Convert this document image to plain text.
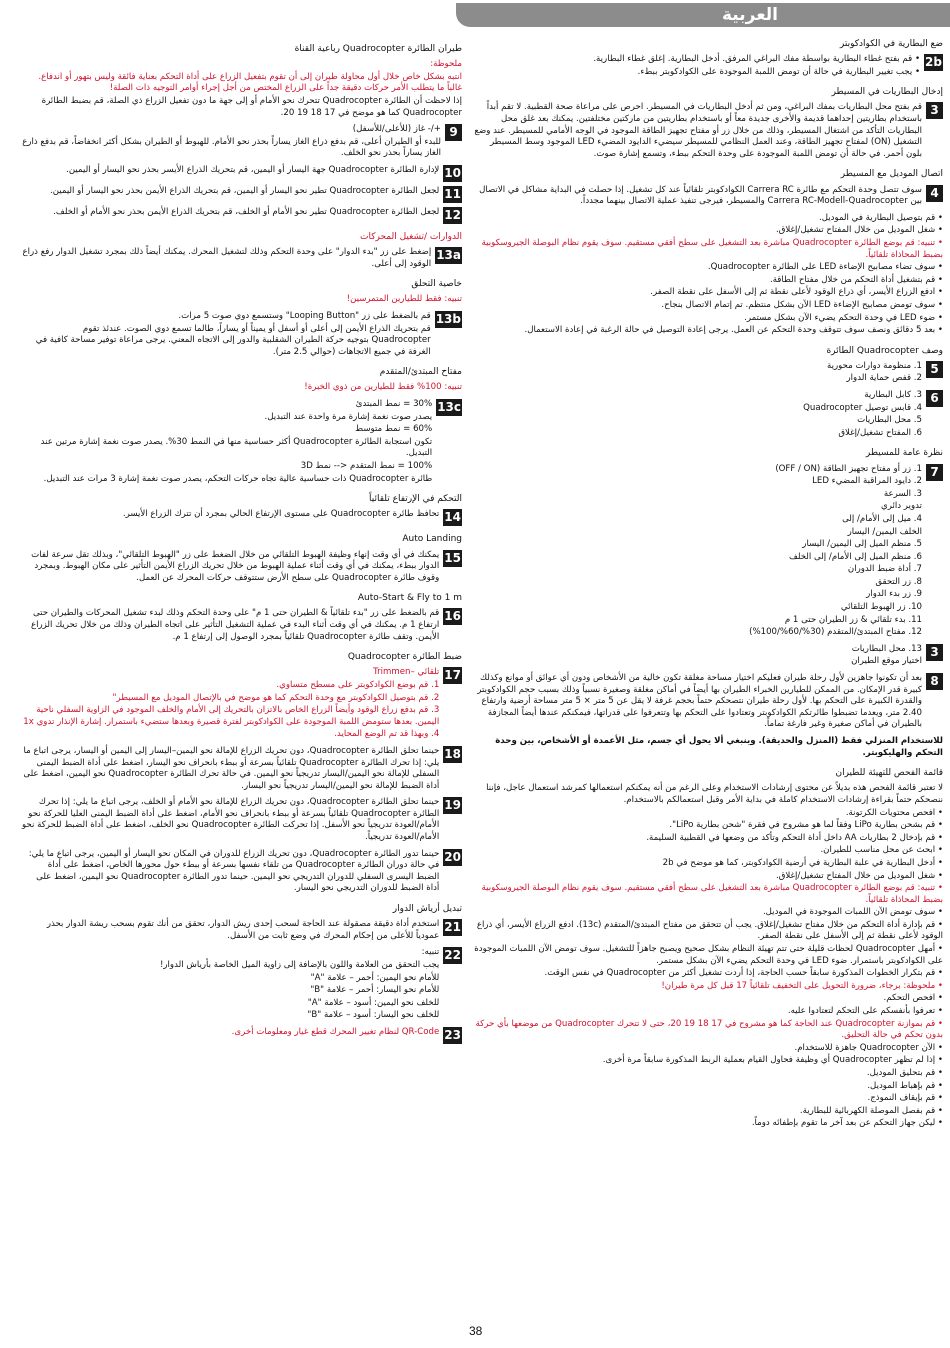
العربية
ضع البطارية في الكوادكوبتر
2b
• قم بفتح غطاء البطارية بواسطة مفك البراغي المرفق. أدخل البطارية. إغلق غطاء البطارية.
• يجب تغيير البطارية في حالة أن تومض اللمبة الموجودة على الكوادكوبتر ببطء.
إدخال البطاريات في المسيطر
3
قم بفتح محل البطاريات بمفك البراغي، ومن ثم أدخل البطاريات في المسيطر. احرص على مراعاة صحة القطبية. لا تقم أبداً باستخدام بطاريتين إحداهما قديمة والأخرى جديدة معاً أو باستخدام بطاريتين من ماركتين مختلفتين. يمكنك بعد غلق محل البطاريات التأكد من اشتغال المسيطر، وذلك من خلال زر أو مفتاح تجهيز الطاقة الموجود في الوجه الأمامي للمسيطر. عند وضع التشغيل (ON) لمفتاح تجهيز الطاقة، وعند العمل النظامي للمسيطر سيضيء الدايود المضيء LED الموجود وسط المسيطر بلون أحمر. في حالة أن تومض اللمبة الموجودة على وحدة التحكم ببطء، وتسمع إشارة صوت.
اتصال الموديل مع المسيطر
4
سوف تتصل وحدة التحكم مع طائرة Carrera RC الكوادكوبتر تلقائياً عند كل تشغيل. إذا حصلت في البداية مشاكل في الاتصال بين Carrera RC-Modell-Quadrocopter والمسيطر، فيرجى تنفيذ عملية الاتصال بينهما مجدداً.
• قم بتوصيل البطارية في الموديل.
• شغل الموديل من خلال المفتاح تشغيل/إغلاق.
• تنبيه: قم بوضع الطائرة Quadrocopter مباشرة بعد التشغيل على سطح أفقي مستقيم. سوف يقوم نظام البوصلة الجيروسكوبية بضبط المحاذاة تلقائياً.
• سوف تضاء مصابيح الإضاءة LED على الطائرة Quadrocopter.
• قم بتشغيل أداة التحكم من خلال مفتاح الطاقة.
• ادفع الزراع الأيسر، أي ذراع الوقود لأعلى نقطة ثم إلى الأسفل على نقطة الصفر.
• سوف تومض مصابيح الإضاءة LED الآن بشكل منتظم. تم إتمام الاتصال بنجاح.
• ضوء LED في وحدة التحكم يضيء الآن بشكل مستمر.
• بعد 5 دقائق ونصف سوف تتوقف وحدة التحكم عن العمل. يرجى إعادة التوصيل في حالة الرغبة في إعادة الاستعمال.
وصف Quadrocopter الطائرة
5
1. منظومة دوارات محورية
2. قفص حماية الدوار
6
3. كابل البطارية
4. قابس توصيل Quadrocopter
5. محل البطاريات
6. المفتاح تشغيل/إغلاق
نظرة عامة للمسيطر
7
1. زر أو مفتاح تجهيز الطاقة (OFF / ON)
2. دايود المراقبة المضيء LED
3. السرعة
تدوير دائري
4. ميل إلى الأمام/ إلى
الخلف اليمين/ اليسار
5. منظم الميل إلى اليمين/ اليسار
6. منظم الميل إلى الأمام/ إلى الخلف
7. أداة ضبط الدوران
8. زر التحقق
9. زر بدء الدوار
10. زر الهبوط التلقائي
11. بدء تلقائي & زر الطيران حتى 1 م
12. مفتاح المبتدئ/المتقدم (30%/60%/100%)
3
13. محل البطاريات
اختيار موقع الطيران
8
بعد أن تكونوا جاهزين لأول رحلة طيران فعليكم اختيار مساحة مغلقة تكون خالية من الأشخاص ودون أي عوائق أو موانع وكذلك كبيرة قدر الإمكان. من الممكن للطيارين الخبراء الطيران بها أيضاً في أماكن مغلقة وصغيرة نسبياً وذلك بسبب حجم الكوادكوبتر والقدرة الكبيرة على التحكم بها. لأول رحلة طيران نتصحكم حتماً بحجم غرفة لا يقل عن 5 متر × 5 متر مساحة أرضية وارتفاع 2.40 متر، ويعدما تضبطوا طائرتكم الكوادكوبتر وتعتادوا على التحكم بها وتتعرفوا على قدراتها، فيمكنكم عندها أيضاً المجازفة بالطيران في أماكن صغيرة وغير فارغة تماماً.
للاستخدام المنزلي فقط (المنزل والحديقة). وينبغي ألا يحول أي جسم، مثل الأعمدة أو الأشخاص، بين وحدة التحكم والهليكوبتر.
قائمة الفحص للتهيئة للطيران
لا تعتبر قائمة الفحص هذه بديلاً عن محتوى إرشادات الاستخدام وعلى الرغم من أنه يمكنكم استعمالها كمرشد استعمال عاجل، فإننا ننصحكم حتماً بقراءة إرشادات الاستخدام كاملة في بداية الأمر وقبل استعمالكم بالاستخدام.
• افحص محتويات الكرتونة.
• قم بشحن بطارية LiPo وفقاً لما هو مشروح في فقرة "شحن بطارية LiPo".
• قم بإدخال 2 بطاريات AA داخل أداة التحكم وتأكد من وضعها في القطبية السليمة.
• ابحث عن محل مناسب للطيران.
• أدخل البطارية في علبة البطارية في أرضية الكوادكوبتر، كما هو موضح في 2b
• شغل الموديل من خلال المفتاح تشغيل/إغلاق.
• تنبيه: قم بوضع الطائرة Quadrocopter مباشرة بعد التشغيل على سطح أفقي مستقيم. سوف يقوم نظام البوصلة الجيروسكوبية بضبط المحاذاة تلقائياً.
• سوف تومض الآن اللمبات الموجودة في الموديل.
• قم بإدارة أداة التحكم من خلال مفتاح تشغيل/إغلاق. يجب أن تتحقق من مفتاح المبتدئ/المتقدم (13c). ادفع الزراع الأيسر، أي ذراع الوقود لأعلى نقطة ثم إلى الأسفل على نقطة الصفر.
• أمهل Quadrocopter لحظات قليلة حتى تتم تهيئة النظام بشكل صحيح ويصبح جاهزاً للتشغيل. سوف تومض الآن اللمبات الموجودة على الكوادكوبتر باستمرار. ضوء LED في وحدة التحكم يضيء الآن بشكل مستمر.
• قم بتكرار الخطوات المذكورة سابقاً حسب الحاجة، إذا أردت تشغيل أكثر من Quadrocopter في نفس الوقت.
• ملحوظة: برجاء، ضرورة التحويل على التخفيف تلقائياً 17 قبل كل مرة طيران!
• افحص التحكم.
• تعرفوا بأنفسكم على التحكم لتعتادوا عليه.
• قم بموازنة Quadrocopter عند الحاجة كما هو مشروح في 17 18 19 20، حتى لا تتحرك Quadrocopter من موضعها بأي حركة بدون تحكم في حالة التحليق.
• الآن Quadrocopter جاهزة للاستخدام.
• إذا لم تظهر Quadrocopter أي وظيفة فحاول القيام بعملية الربط المذكورة سابقاً مرة أخرى.
• قم بتحليق الموديل.
• قم بإهباط الموديل.
• قم بإيقاف النموذج.
• قم بفصل الموصلة الكهربائية للبطارية.
• ليكن جهاز التحكم عن بعد آخر ما تقوم بإطفائه دوماً.
طيران الطائرة Quadrocopter رباعية القناة
ملحوظة:
انتبه بشكل خاص خلال أول محاولة طيران إلى أن تقوم بتفعيل الزراع على أداة التحكم بعناية فائقة وليس بتهور أو اندفاع. غالباً ما يتطلب الأمر حركات دقيقة جداً على الزراع المختص من أجل إجراء أوامر التوجيه ذات الصلة!
إذا لاحظت أن الطائرة Quadrocopter تتحرك نحو الأمام أو إلى جهة ما دون تفعيل الزراع ذي الصلة، قم بضبط الطائرة Quadrocopter كما هو موضح في 17 18 19 20.
9
+/- غاز (للأعلى/للأسفل)
للبدء أو الطيران أعلى، قم بدفع ذراع الغاز يساراً بحذر نحو الأمام. للهبوط أو الطيران بشكل أكثر انخفاضاً، قم بدفع ذارع الغاز يساراً بحذر نحو الخلف.
10
لإدارة الطائرة Quadrocopter جهة اليسار أو اليمين، قم بتحريك الذراع الأيسر بحذر نحو اليسار أو اليمين.
11
لجعل الطائرة Quadrocopter تطير نحو اليسار أو اليمين، قم بتحريك الذراع الأيمن بحذر نحو اليسار أو اليمين.
12
لجعل الطائرة Quadrocopter تطير نحو الأمام أو الخلف، قم بتحريك الذراع الأيمن بحذر نحو الأمام أو الخلف.
الدوارات /تشغيل المحركات
13a
إضغط على زر "بدء الدوار" على وحدة التحكم وذلك لتشغيل المحرك. يمكنك أيضاً ذلك بمجرد تشغيل الدوار رفع ذراع الوقود إلى أعلى.
خاصية التحلق
تنبيه: فقط للطيارين المتمرسين!
13b
قم بالضغط على زر "Looping Button" وستسمع دوي صوت 5 مرات.
قم بتحريك الذراع الأيمن إلى أعلى أو أسفل أو يميناً أو يساراً، طالما تسمع دوي الصوت. عندئذ تقوم Quadrocopter بتوجيه حركة الطيران الشقلبية والدور إلى الاتجاه المعني. يرجى مراعاة توفير مساحة كافية في الغرفة في جميع الاتجاهات (حوالي 2.5 متر).
مفتاح المبتدئ/المتقدم
تنبيه: 100% فقط للطيارين من ذوي الخبرة!
13c
30% = نمط المبتدئ
يصدر صوت نغمة إشارة مرة واحدة عند التبديل.
60% = نمط متوسط
تكون استجابة الطائرة Quadrocopter أكثر حساسية منها في النمط 30%. يصدر صوت نغمة إشارة مرتين عند التبديل.
100% = نمط المتقدم <-- نمط 3D
طائرة Quadrocopter ذات حساسية عالية تجاه حركات التحكم، يصدر صوت نغمة إشارة 3 مرات عند التبديل.
التحكم في الإرتفاع تلقائياً
14
تحافظ طائرة Quadrocopter على مستوى الإرتفاع الحالي بمجرد أن تترك الزراع الأيسر.
Auto Landing
15
يمكنك في أي وقت إنهاء وظيفة الهبوط التلقائي من خلال الضغط على زر "الهبوط التلقائي"، وبذلك تقل سرعة لفات الدوار ببطء، يمكنك في أي وقت أثناء عملية الهبوط من خلال تحريك الزراع الأيمن التأثير على مكان الهبوط. وبمجرد وقوف طائرة Quadrocopter على سطح الأرض ستتوقف حركات المحرك عن العمل.
Auto-Start & Fly to 1 m
16
قم بالضغط على زر "بدء تلقائياً & الطيران حتى 1 م" على وحدة التحكم وذلك لبدء تشغيل المحركات والطيران حتى ارتفاع 1 م. يمكنك في أي وقت أثناء البدء في عملية التشغيل التأثير على اتجاه الطيران وذلك من خلال تحريك الزراع الأيمن. وتقف طائرة Quadrocopter تلقائياً بمجرد الوصول إلى إرتفاع 1 م.
ضبط الطائرة Quadrocopter
17
تلقائي –Trimmen
1. قم بوضع الكوادكوبتر على مسطح متساوي.
2. قم بتوصيل الكوادكوبتر مع وحدة التحكم كما هو موضح في بالإتصال الموديل مع المسيطر"
3. قم بدفع زراع الوقود وأيضاً الزراع الخاص بالاتزان بالتحريك إلى الأمام والخلف الموجود في الزاوية السفلي ناحية اليمين. بعدها ستومض اللمبة الموجودة على الكوادكوبتر لفترة قصيرة وبعدها ستضيء باستمرار. إشارة الإنذار تدوي 1x
4. وبهذا قد تم الوضع المحايد.
18
حينما تحلق الطائرة Quadrocopter، دون تحريك الزراع للإمالة نحو اليمين–اليسار إلى اليمين أو اليسار، يرجى اتباع ما يلي: إذا تحرك الطائرة Quadrocopter تلقائياً بسرعة أو ببطء بانحراف نحو اليسار، اضغط على أداة الضبط اليمنى السفلى للإمالة نحو اليمين/اليسار تدريجياً نحو اليمين. في حالة تحرك الطائرة Quadrocopter نحو اليمين، اضغط على أداة الضبط للإمالة نحو اليمين/اليسار تدريجياً نحو اليسار.
19
حينما تحلق الطائرة Quadrocopter، دون تحريك الزراع للإمالة نحو الأمام أو الخلف، يرجى اتباع ما يلي: إذا تحرك الطائرة Quadrocopter تلقائياً بسرعة أو ببطء بانحراف نحو الأمام، اضغط على أداة الضبط اليمنى العليا للحركة نحو الأمام/العودة تدريجياً نحو الأسفل. إذا تحركت الطائرة Quadrocopter نحو الخلف، اضغط على أداة الضبط للحركة نحو الأمام/العودة تدريجياً.
20
حينما تدور الطائرة Quadrocopter، دون تحريك الزراع للدوران في المكان نحو اليسار أو اليمين، يرجى اتباع ما يلي: في حالة دوران الطائرة Quadrocopter من تلقاء نفسها بسرعة أو ببطء حول محورها الخاص، اضغط على أداة الضبط اليسرى السفلي للدوران التدريجي نحو اليمين. حينما تدور الطائرة Quadrocopter نحو اليمين، اضغط على أداة الضبط للدوران التدريجي نحو اليسار.
تبديل أرياش الدوار
21
استخدم أداة دقيقة مصقولة عند الحاجة لسحب إحدى ريش الدوار، تحقق من أنك تقوم بسحب ريشة الدوار بحذر عمودياً للأعلى من إحكام المحرك في وضع ثابت من الأسفل.
22
تنبيه:
يجب التحقق من العلامة واللون بالإضافة إلى زاوية الميل الخاصة بأرياش الدوار!
للأمام نحو اليمين: أحمر – علامة "A"
للأمام نحو اليسار: أحمر – علامة "B"
للخلف نحو اليمين: أسود – علامة "A"
للخلف نحو اليسار: أسود – علامة "B"
23
QR-Code لنظام تغيير المحرك قطع غيار ومعلومات أخرى.
38
